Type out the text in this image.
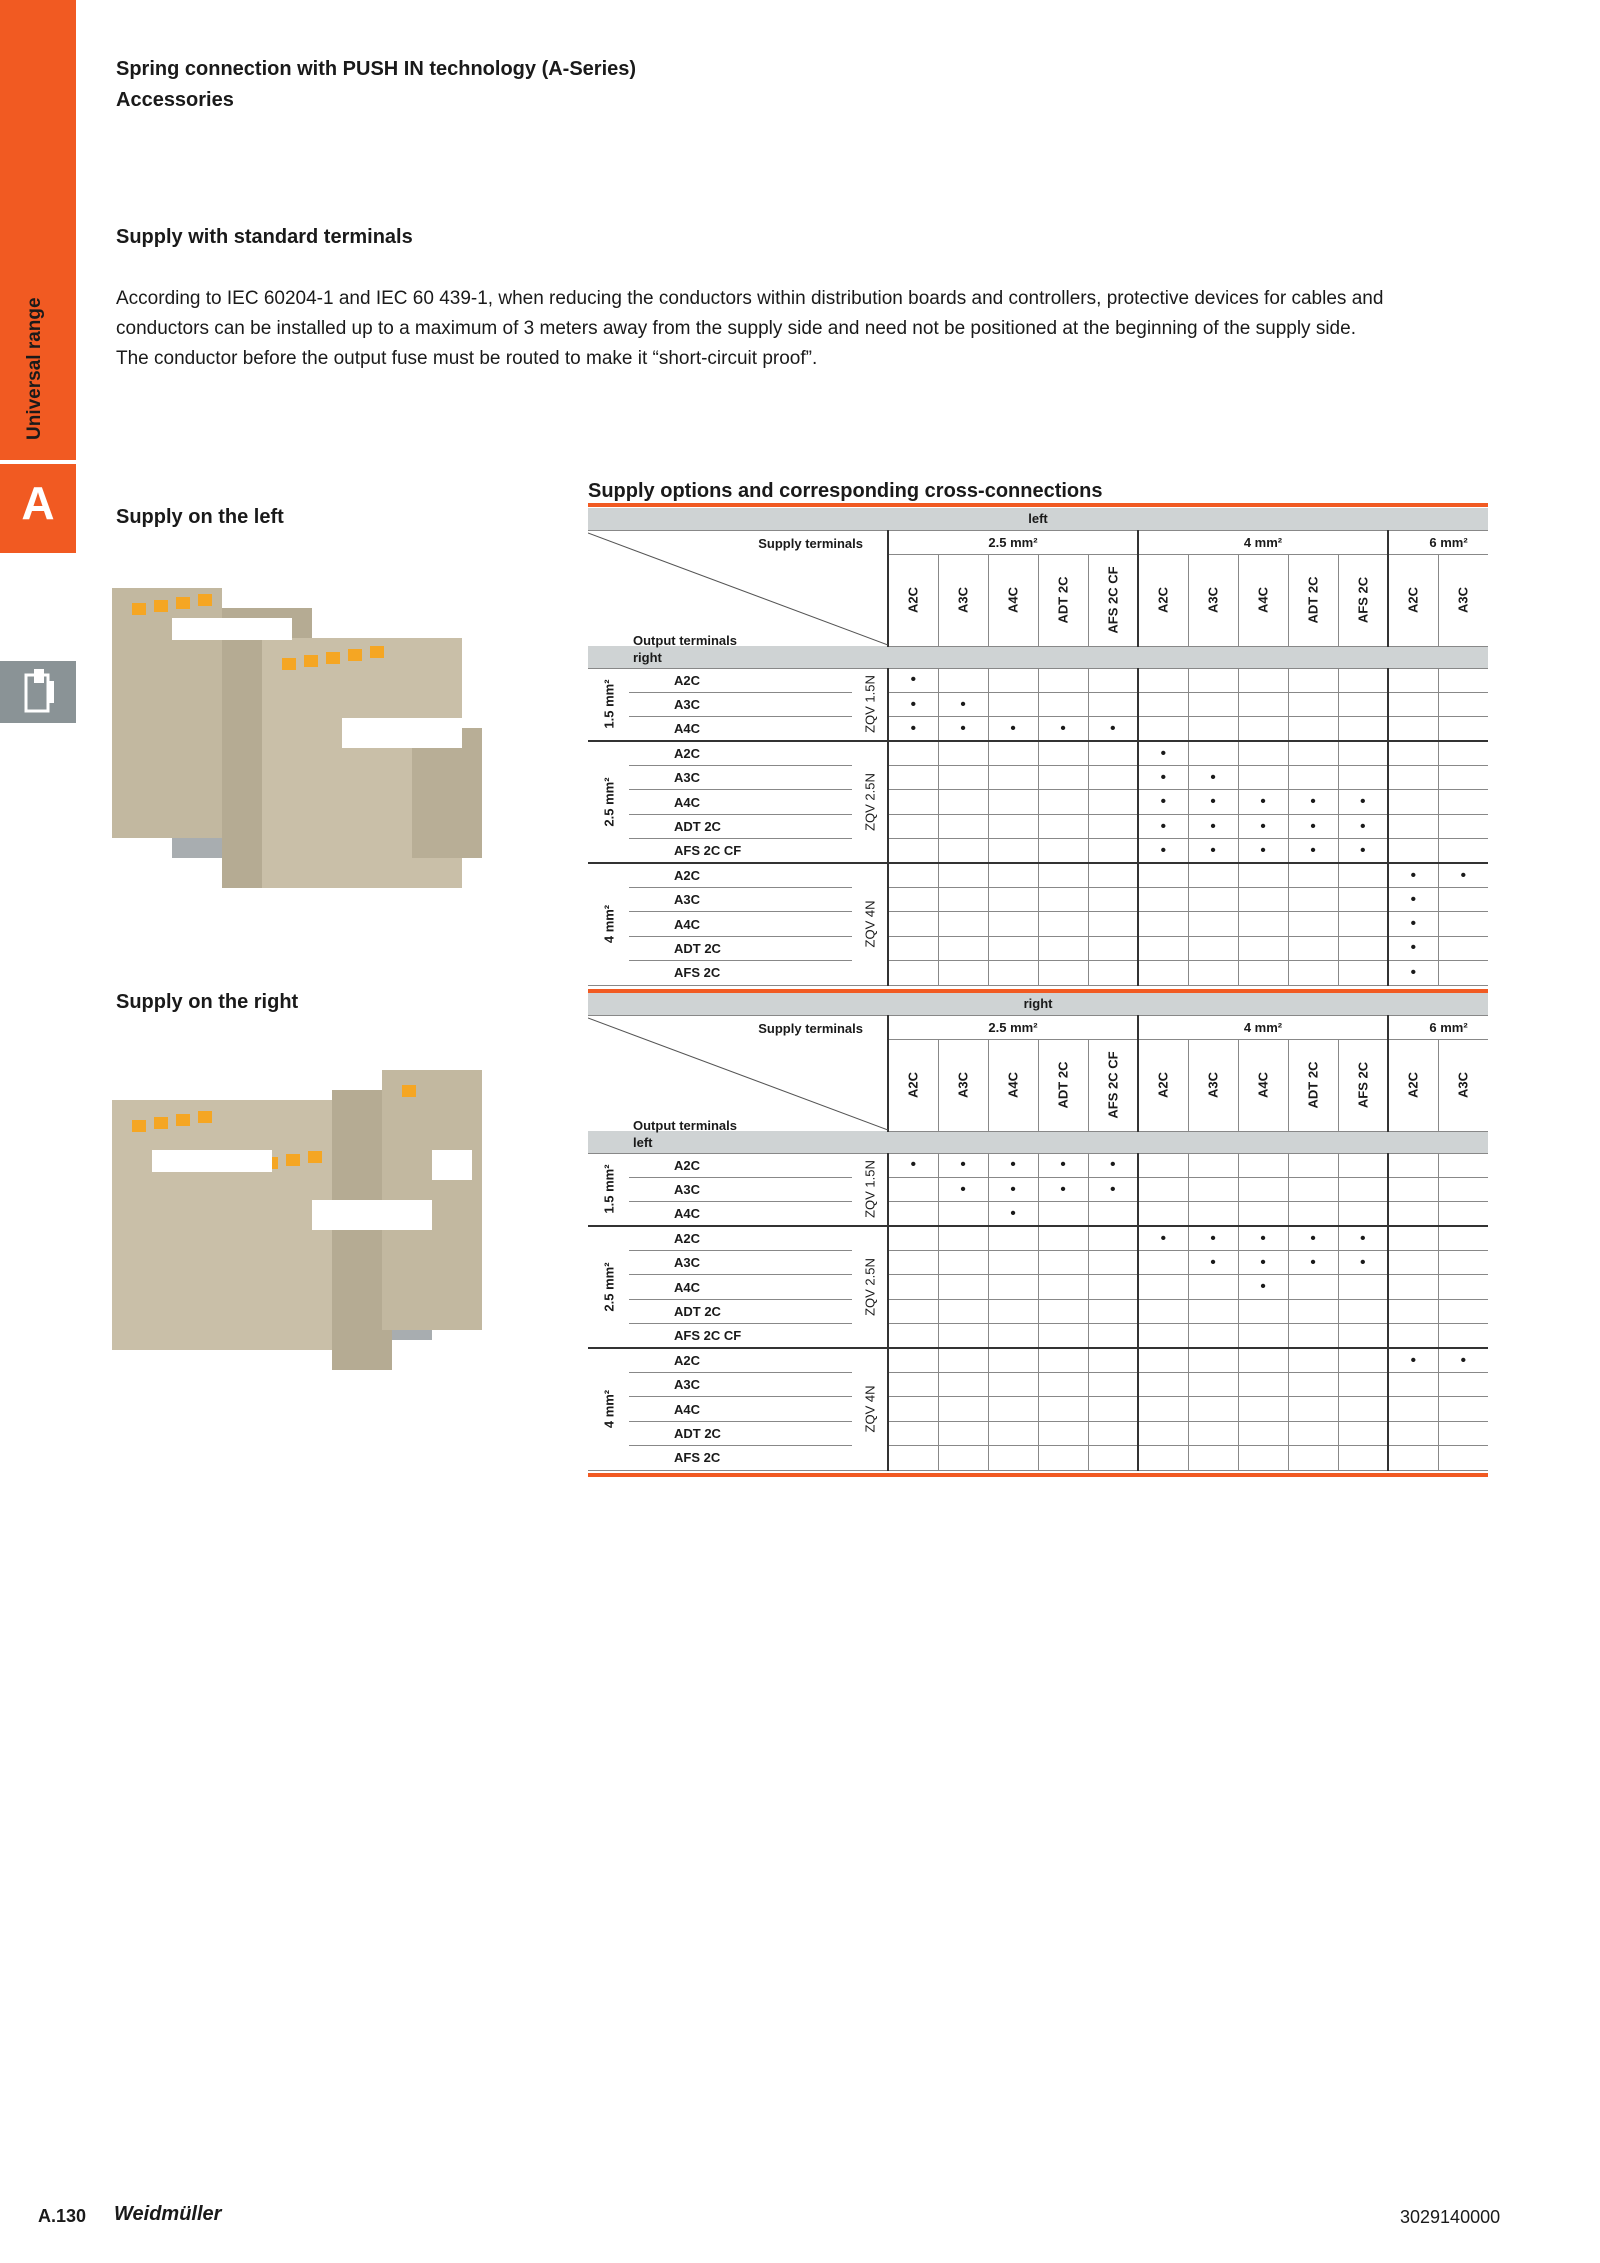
Universal range
A
Spring connection with PUSH IN technology (A-Series)
Accessories
Supply with standard terminals

According to IEC 60204-1 and IEC 60 439-1, when reducing the conductors within distribution boards and controllers, protective devices for cables and conductors can be installed up to a maximum of 3 meters away from the supply side and need not be positioned at the beginning of the supply side.

The conductor before the output fuse must be routed to make it “short-circuit proof”.

Supply on the left
Supply on the right
Supply options and corresponding cross-connections
left														

Supply terminals
Output terminals			2.5 mm²					4 mm²					6 mm²	

			A2C	A3C	A4C	ADT 2C	AFS 2C CF	A2C	A3C	A4C	ADT 2C	AFS 2C	A2C	A3C

right														

1.5 mm²	A2C	ZQV 1.5N	•											
	A3C		•	•										
	A4C		•	•	•	•	•							

2.5 mm²	A2C	ZQV 2.5N						•						
	A3C							•	•					
	A4C							•	•	•	•	•		
	ADT 2C							•	•	•	•	•		
	AFS 2C CF							•	•	•	•	•		

4 mm²	A2C	ZQV 4N											•	•
	A3C												•	
	A4C												•	
	ADT 2C												•	
	AFS 2C												•	
right														

Supply terminals
Output terminals			2.5 mm²					4 mm²					6 mm²	

			A2C	A3C	A4C	ADT 2C	AFS 2C CF	A2C	A3C	A4C	ADT 2C	AFS 2C	A2C	A3C

left														

1.5 mm²	A2C	ZQV 1.5N	•	•	•	•	•							
	A3C			•	•	•	•							
	A4C				•									

2.5 mm²	A2C	ZQV 2.5N						•	•	•	•	•		
	A3C								•	•	•	•		
	A4C									•				
	ADT 2C													
	AFS 2C CF													

4 mm²	A2C	ZQV 4N											•	•
	A3C													
	A4C													
	ADT 2C													
	AFS 2C													
A.130 Weidmüller	3029140000
